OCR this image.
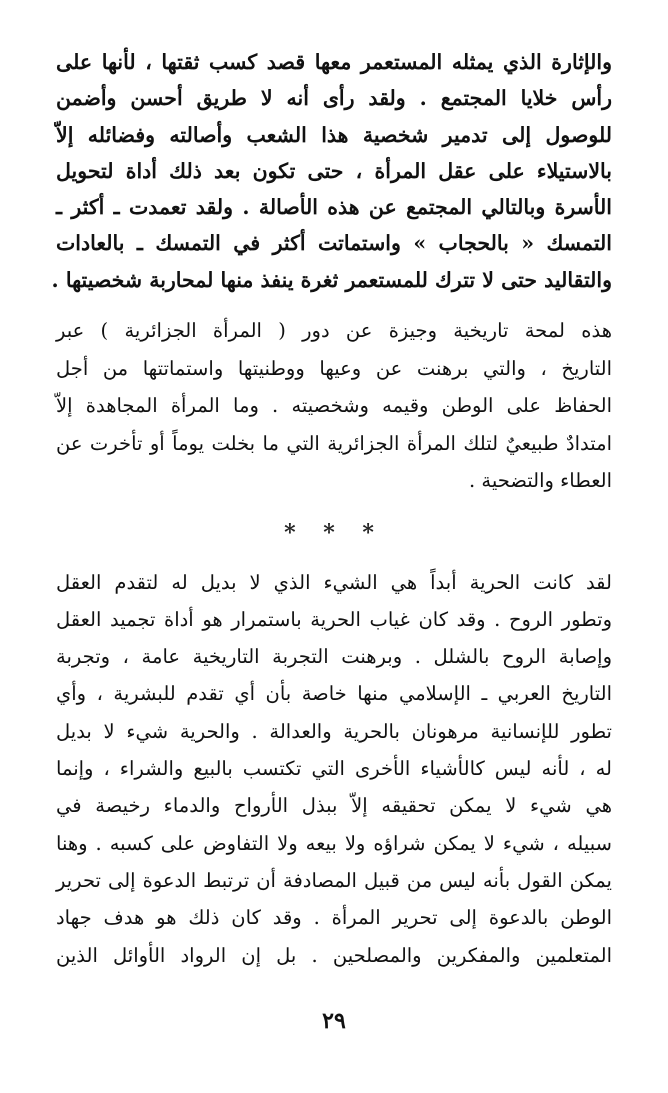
والإثارة الذي يمثله المستعمر معها قصد كسب ثقتها ، لأنها على
رأس خلايا المجتمع . ولقد رأى أنه لا طريق أحسن وأضمن
للوصول إلى تدمير شخصية هذا الشعب وأصالته وفضائله إلاّ
بالاستيلاء على عقل المرأة ، حتى تكون بعد ذلك أداة لتحويل
الأسرة وبالتالي المجتمع عن هذه الأصالة . ولقد تعمدت ـ أكثر ـ
التمسك « بالحجاب » واستماتت أكثر في التمسك ـ بالعادات
والتقاليد حتى لا تترك للمستعمر ثغرة ينفذ منها لمحاربة شخصيتها .

هذه لمحة تاريخية وجيزة عن دور ( المرأة الجزائرية ) عبر
التاريخ ، والتي برهنت عن وعيها ووطنيتها واستماتتها من أجل
الحفاظ على الوطن وقيمه وشخصيته . وما المرأة المجاهدة إلاّ
امتدادٌ طبيعيٌ لتلك المرأة الجزائرية التي ما بخلت يوماً أو تأخرت عن
العطاء والتضحية .

* * *

لقد كانت الحرية أبداً هي الشيء الذي لا بديل له لتقدم العقل
وتطور الروح . وقد كان غياب الحرية باستمرار هو أداة تجميد العقل
وإصابة الروح بالشلل . وبرهنت التجربة التاريخية عامة ، وتجربة
التاريخ العربي ـ الإسلامي منها خاصة بأن أي تقدم للبشرية ، وأي
تطور للإنسانية مرهونان بالحرية والعدالة . والحرية شيء لا بديل
له ، لأنه ليس كالأشياء الأخرى التي تكتسب بالبيع والشراء ، وإنما
هي شيء لا يمكن تحقيقه إلاّ ببذل الأرواح والدماء رخيصة في
سبيله ، شيء لا يمكن شراؤه ولا بيعه ولا التفاوض على كسبه . وهنا
يمكن القول بأنه ليس من قبيل المصادفة أن ترتبط الدعوة إلى تحرير
الوطن بالدعوة إلى تحرير المرأة . وقد كان ذلك هو هدف جهاد
المتعلمين والمفكرين والمصلحين . بل إن الرواد الأوائل الذين

٢٩
